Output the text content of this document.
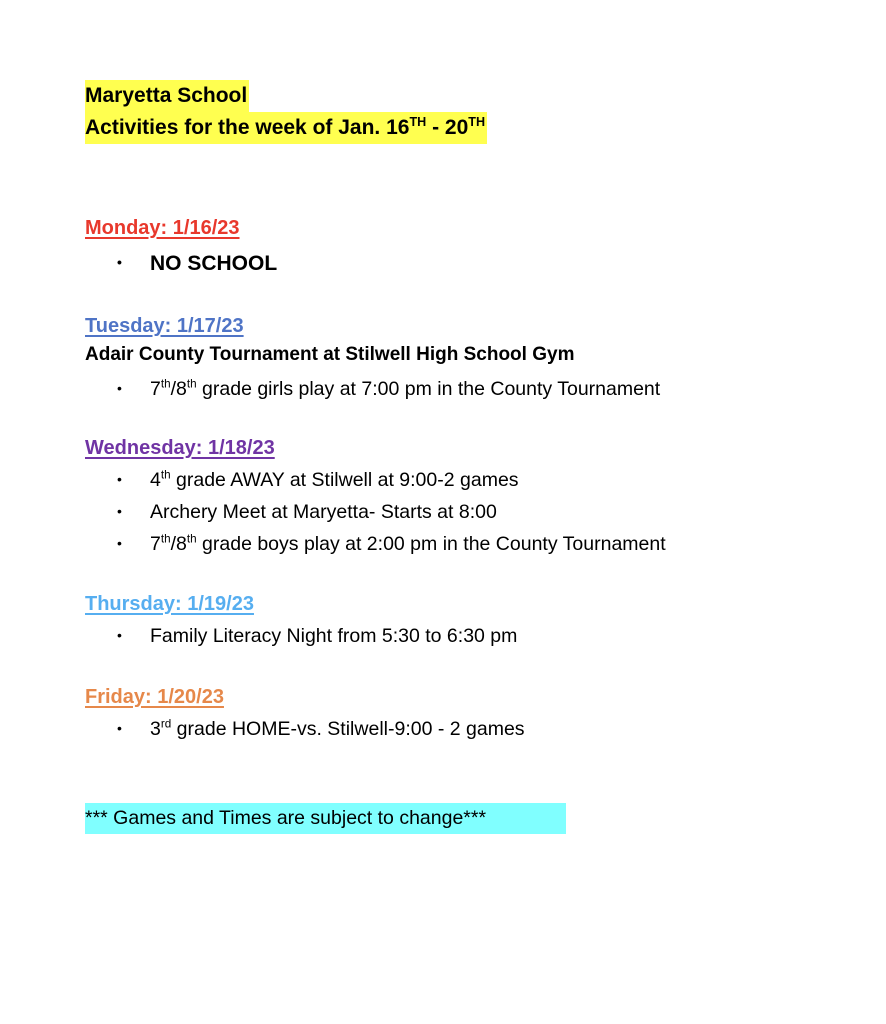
Maryetta School
Activities for the week of Jan. 16TH - 20TH
Monday: 1/16/23
• NO SCHOOL
Tuesday: 1/17/23
Adair County Tournament at Stilwell High School Gym
• 7th/8th grade girls play at 7:00 pm in the County Tournament
Wednesday: 1/18/23
• 4th grade AWAY at Stilwell at 9:00-2 games
• Archery Meet at Maryetta- Starts at 8:00
• 7th/8th grade boys play at 2:00 pm in the County Tournament
Thursday: 1/19/23
• Family Literacy Night from 5:30 to 6:30 pm
Friday: 1/20/23
• 3rd grade HOME-vs. Stilwell-9:00 - 2 games
*** Games and Times are subject to change***
